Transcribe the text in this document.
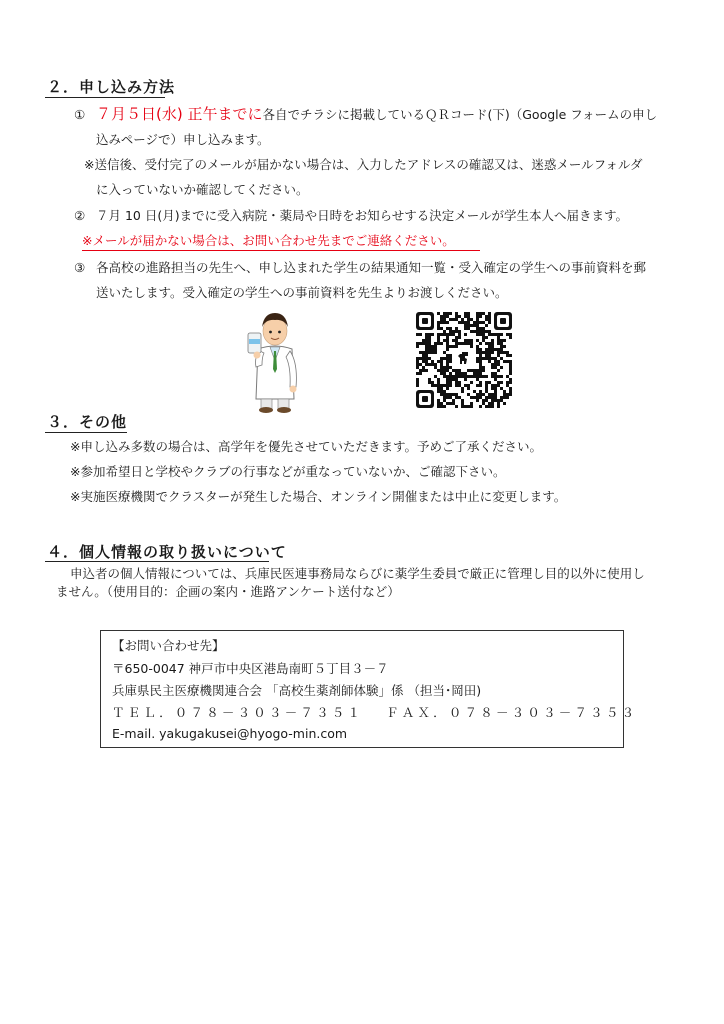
２．申し込み方法
① ７月５日(水) 正午までに各自でチラシに掲載しているＱＲコード(下)（Google フォームの申し
込みページで）申し込みます。
※送信後、受付完了のメールが届かない場合は、入力したアドレスの確認又は、迷惑メールフォルダ
に入っていないか確認してください。
② ７月 10 日(月)までに受入病院・薬局や日時をお知らせする決定メールが学生本人へ届きます。
※メールが届かない場合は、お問い合わせ先までご連絡ください。
③ 各高校の進路担当の先生へ、申し込まれた学生の結果通知一覧・受入確定の学生への事前資料を郵
送いたします。受入確定の学生への事前資料を先生よりお渡しください。
３．その他
※申し込み多数の場合は、高学年を優先させていただきます。予めご了承ください。
※参加希望日と学校やクラブの行事などが重なっていないか、ご確認下さい。
※実施医療機関でクラスターが発生した場合、オンライン開催または中止に変更します。
４．個人情報の取り扱いについて
申込者の個人情報については、兵庫民医連事務局ならびに薬学生委員で厳正に管理し目的以外に使用し
ません。（使用目的：企画の案内・進路アンケート送付など）
【お問い合わせ先】
〒650-0047 神戸市中央区港島南町５丁目３－７
兵庫県民主医療機関連合会 「高校生薬剤師体験」係 （担当･岡田)
ＴＥＬ．０７８－３０３－７３５１　 ＦＡＸ．０７８－３０３－７３５３
E-mail. yakugakusei@hyogo-min.com
